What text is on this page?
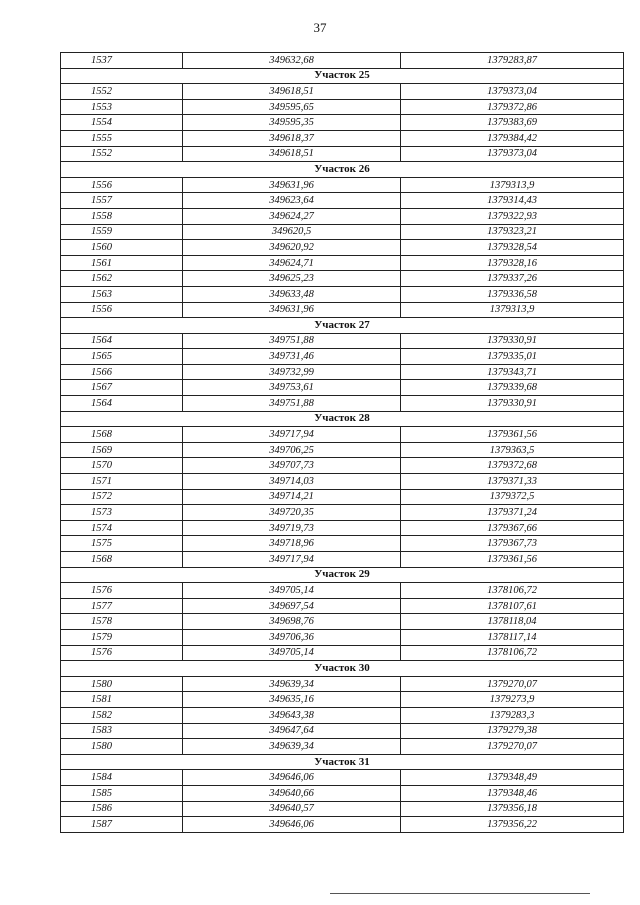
37
1537	349632,68	1379283,87
Участок 25		
1552	349618,51	1379373,04
1553	349595,65	1379372,86
1554	349595,35	1379383,69
1555	349618,37	1379384,42
1552	349618,51	1379373,04
Участок 26		
1556	349631,96	1379313,9
1557	349623,64	1379314,43
1558	349624,27	1379322,93
1559	349620,5	1379323,21
1560	349620,92	1379328,54
1561	349624,71	1379328,16
1562	349625,23	1379337,26
1563	349633,48	1379336,58
1556	349631,96	1379313,9
Участок 27		
1564	349751,88	1379330,91
1565	349731,46	1379335,01
1566	349732,99	1379343,71
1567	349753,61	1379339,68
1564	349751,88	1379330,91
Участок 28		
1568	349717,94	1379361,56
1569	349706,25	1379363,5
1570	349707,73	1379372,68
1571	349714,03	1379371,33
1572	349714,21	1379372,5
1573	349720,35	1379371,24
1574	349719,73	1379367,66
1575	349718,96	1379367,73
1568	349717,94	1379361,56
Участок 29		
1576	349705,14	1378106,72
1577	349697,54	1378107,61
1578	349698,76	1378118,04
1579	349706,36	1378117,14
1576	349705,14	1378106,72
Участок 30		
1580	349639,34	1379270,07
1581	349635,16	1379273,9
1582	349643,38	1379283,3
1583	349647,64	1379279,38
1580	349639,34	1379270,07
Участок 31		
1584	349646,06	1379348,49
1585	349640,66	1379348,46
1586	349640,57	1379356,18
1587	349646,06	1379356,22
